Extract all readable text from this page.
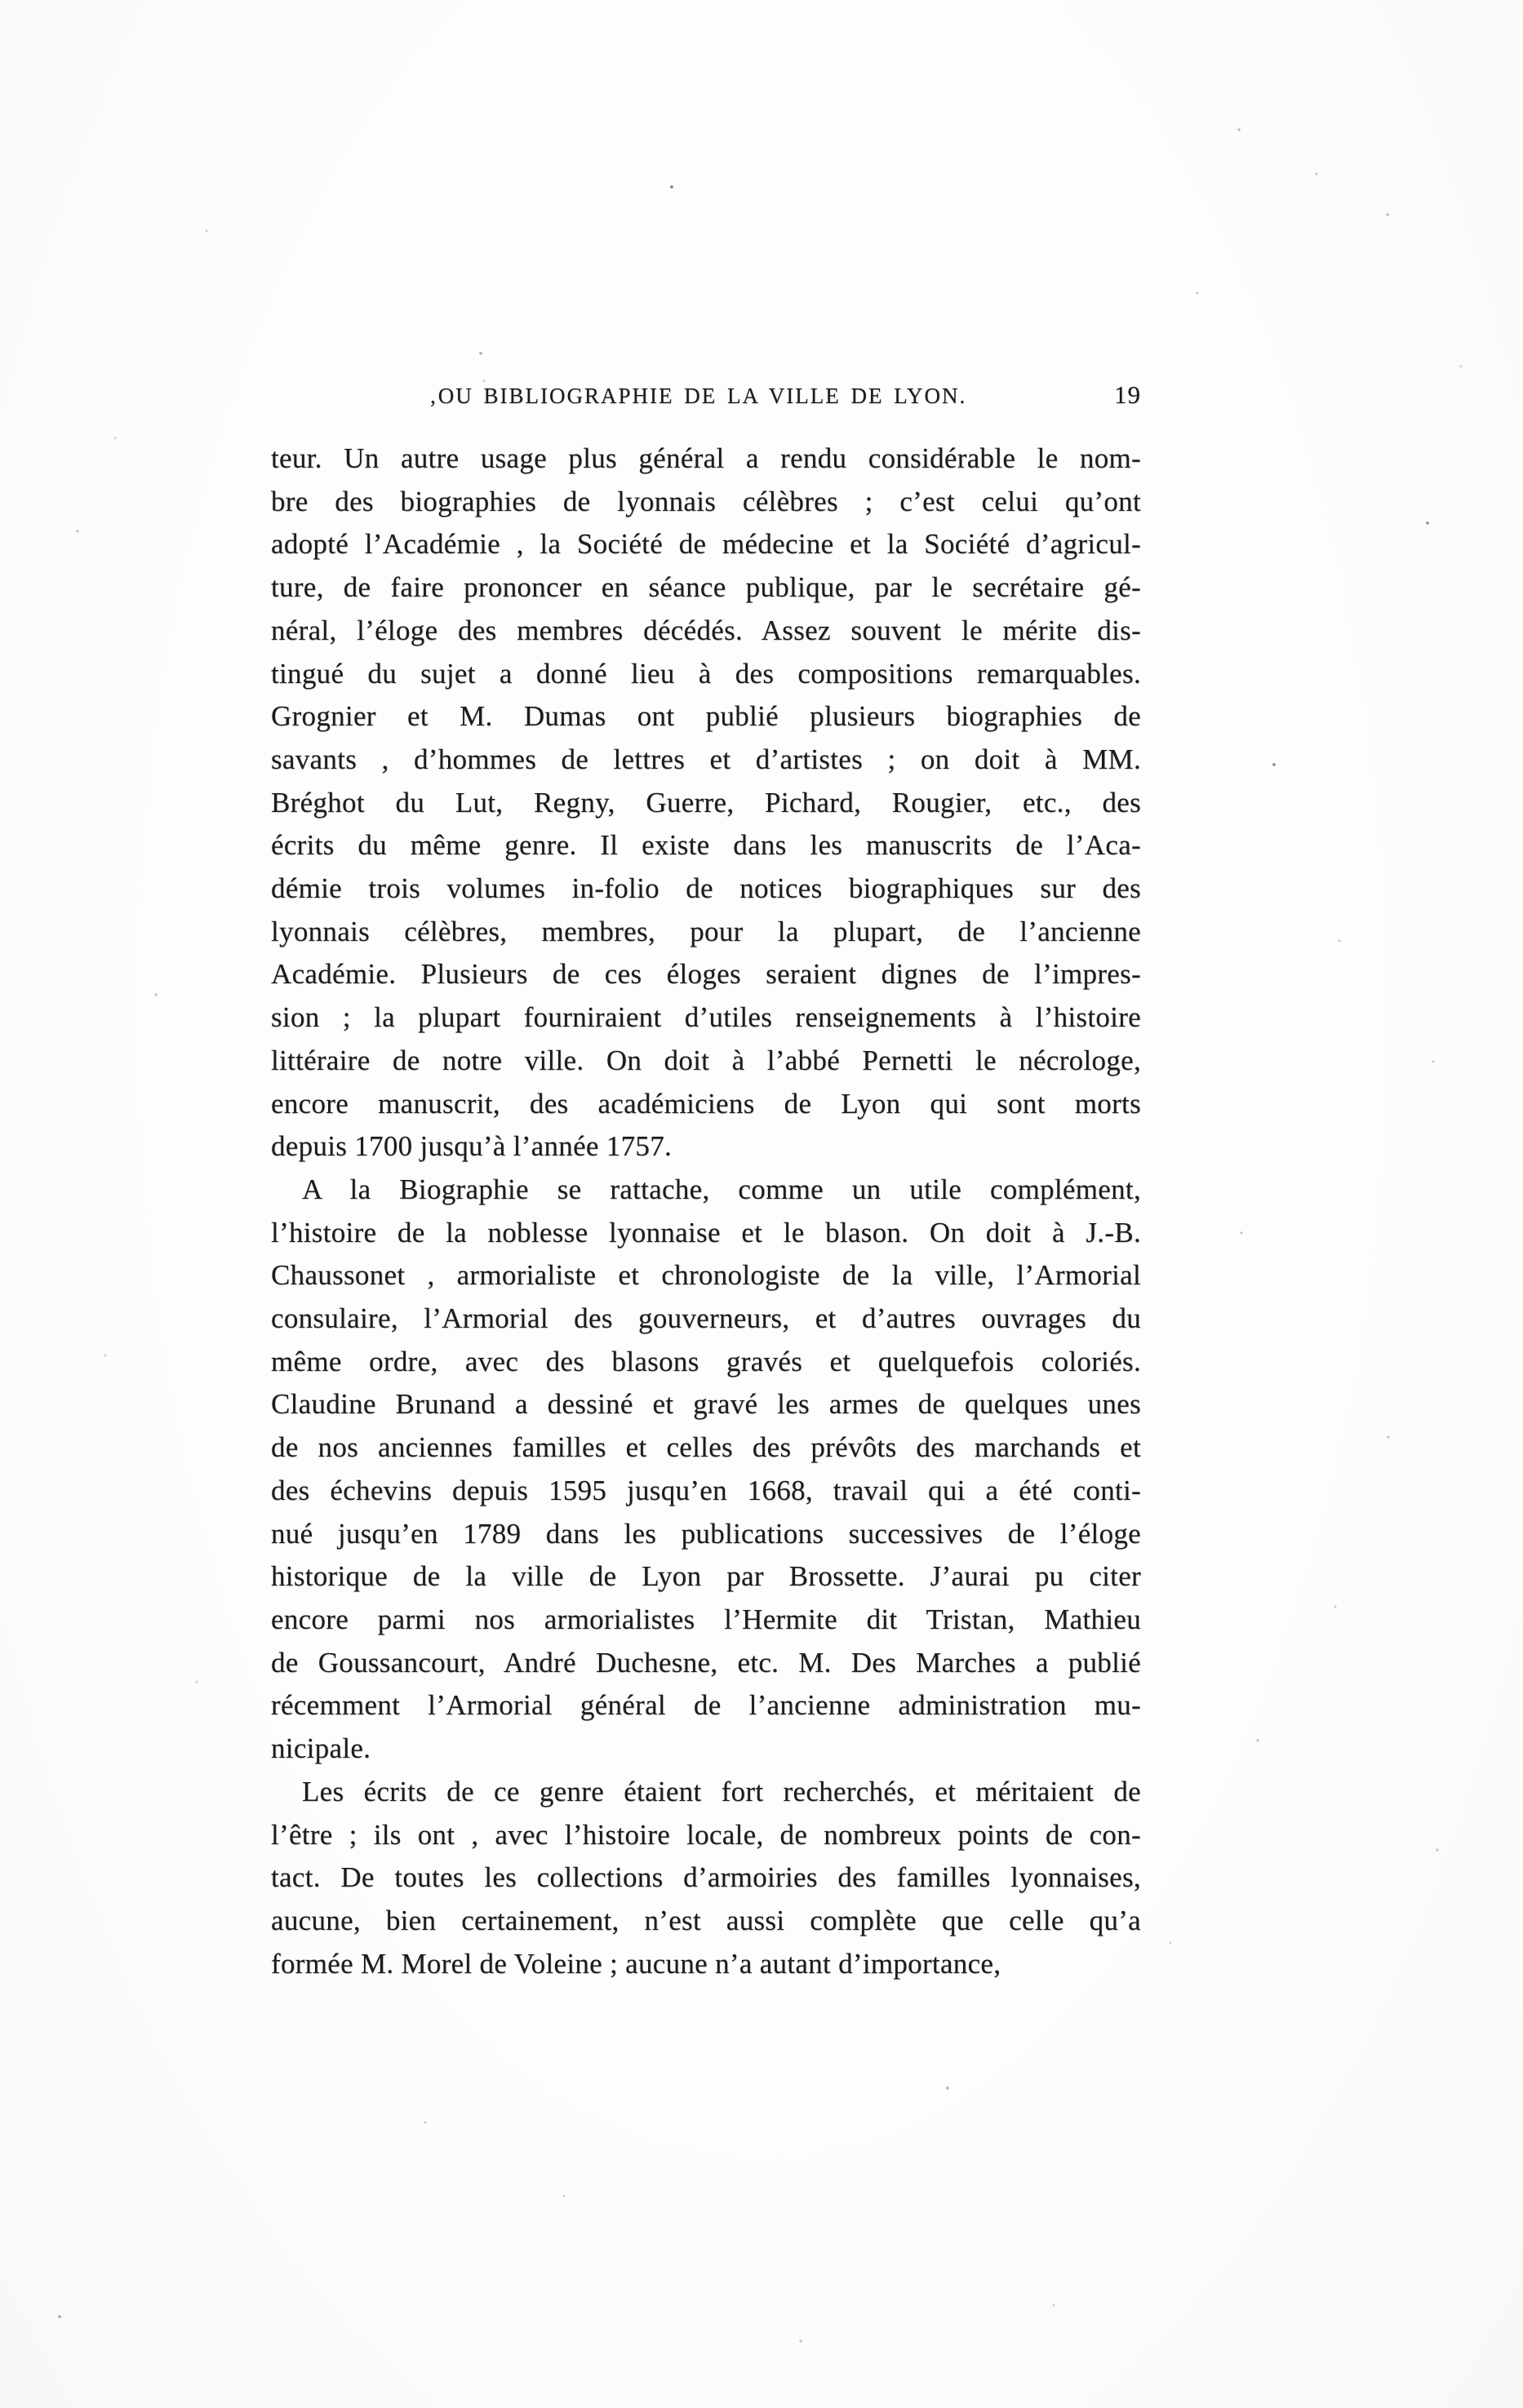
‚OU BIBLIOGRAPHIE DE LA VILLE DE LYON.	19
teur. Un autre usage plus général a rendu considérable le nom-
bre des biographies de lyonnais célèbres ; c’est celui qu’ont
adopté l’Académie , la Société de médecine et la Société d’agricul-
ture, de faire prononcer en séance publique, par le secrétaire gé-
néral, l’éloge des membres décédés. Assez souvent le mérite dis-
tingué du sujet a donné lieu à des compositions remarquables.
Grognier et M. Dumas ont publié plusieurs biographies de
savants , d’hommes de lettres et d’artistes ; on doit à MM.
Bréghot du Lut, Regny, Guerre, Pichard, Rougier, etc., des
écrits du même genre. Il existe dans les manuscrits de l’Aca-
démie trois volumes in-folio de notices biographiques sur des
lyonnais célèbres, membres, pour la plupart, de l’ancienne
Académie. Plusieurs de ces éloges seraient dignes de l’impres-
sion ; la plupart fourniraient d’utiles renseignements à l’histoire
littéraire de notre ville. On doit à l’abbé Pernetti le nécrologe,
encore manuscrit, des académiciens de Lyon qui sont morts
depuis 1700 jusqu’à l’année 1757.
A la Biographie se rattache, comme un utile complément,
l’histoire de la noblesse lyonnaise et le blason. On doit à J.-B.
Chaussonet , armorialiste et chronologiste de la ville, l’Armorial
consulaire, l’Armorial des gouverneurs, et d’autres ouvrages du
même ordre, avec des blasons gravés et quelquefois coloriés.
Claudine Brunand a dessiné et gravé les armes de quelques unes
de nos anciennes familles et celles des prévôts des marchands et
des échevins depuis 1595 jusqu’en 1668, travail qui a été conti-
nué jusqu’en 1789 dans les publications successives de l’éloge
historique de la ville de Lyon par Brossette. J’aurai pu citer
encore parmi nos armorialistes l’Hermite dit Tristan, Mathieu
de Goussancourt, André Duchesne, etc. M. Des Marches a publié
récemment l’Armorial général de l’ancienne administration mu-
nicipale.
Les écrits de ce genre étaient fort recherchés, et méritaient de
l’être ; ils ont , avec l’histoire locale, de nombreux points de con-
tact. De toutes les collections d’armoiries des familles lyonnaises,
aucune, bien certainement, n’est aussi complète que celle qu’a
formée M. Morel de Voleine ; aucune n’a autant d’importance,
